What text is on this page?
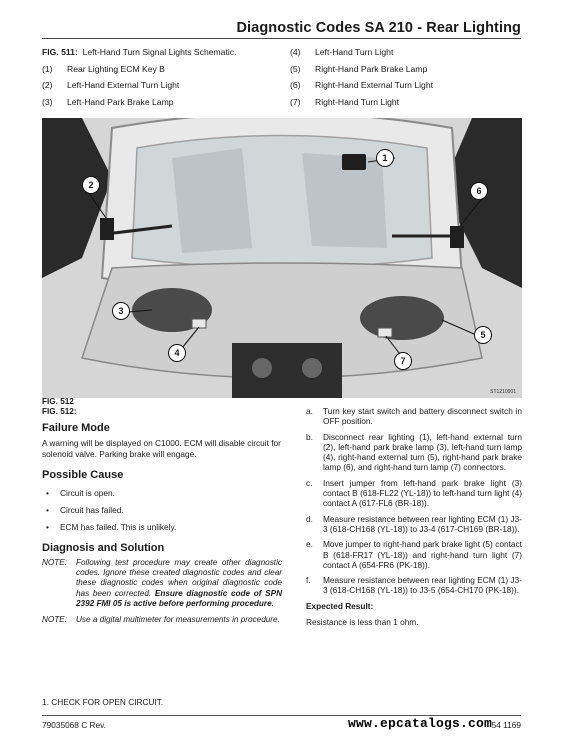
Diagnostic Codes SA 210 - Rear Lighting
FIG. 511: Left-Hand Turn Signal Lights Schematic.	(4) Left-Hand Turn Light
(1) Rear Lighting ECM Key B	(5) Right-Hand Park Brake Lamp
(2) Left-Hand External Turn Light	(6) Right-Hand External Turn Light
(3) Left-Hand Park Brake Lamp	(7) Right-Hand Turn Light
1
2
3
4
5
6
7
ST1210001
FIG. 512
FIG. 512:
Failure Mode

A warning will be displayed on C1000. ECM will disable circuit for solenoid valve. Parking brake will engage.

Possible Cause
• Circuit is open.
• Circuit has failed.
• ECM has failed. This is unlikely.
Diagnosis and Solution
NOTE:	Following test procedure may create other diagnostic codes. Ignore these created diagnostic codes and clear these diagnostic codes when original diagnostic code has been corrected. Ensure diagnostic code of SPN 2392 FMI 05 is active before performing procedure.
NOTE:	Use a digital multimeter for measurements in procedure.
a.	Turn key start switch and battery disconnect switch in OFF position.
b.	Disconnect rear lighting (1), left-hand external turn (2), left-hand park brake lamp (3), left-hand turn lamp (4), right-hand external turn (5), right-hand park brake lamp (6), and right-hand turn lamp (7) connectors.
c.	Insert jumper from left-hand park brake light (3) contact B (618-FL22 (YL-18)) to left-hand turn light (4) contact A (617-FL6 (BR-18)).
d.	Measure resistance between rear lighting ECM (1) J3-3 (618-CH168 (YL-18)) to J3-4 (617-CH169 (BR-18)).
e.	Move jumper to right-hand park brake light (5) contact B (618-FR17 (YL-18)) and right-hand turn light (7) contact A (654-FR6 (PK-18)).
f.	Measure resistance between rear lighting ECM (1) J3-3 (618-CH168 (YL-18)) to J3-5 (654-CH170 (PK-18)).
Expected Result:
Resistance is less than 1 ohm.
1. CHECK FOR OPEN CIRCUIT.
79035068 C Rev.	54 1169
www.epcatalogs.com
